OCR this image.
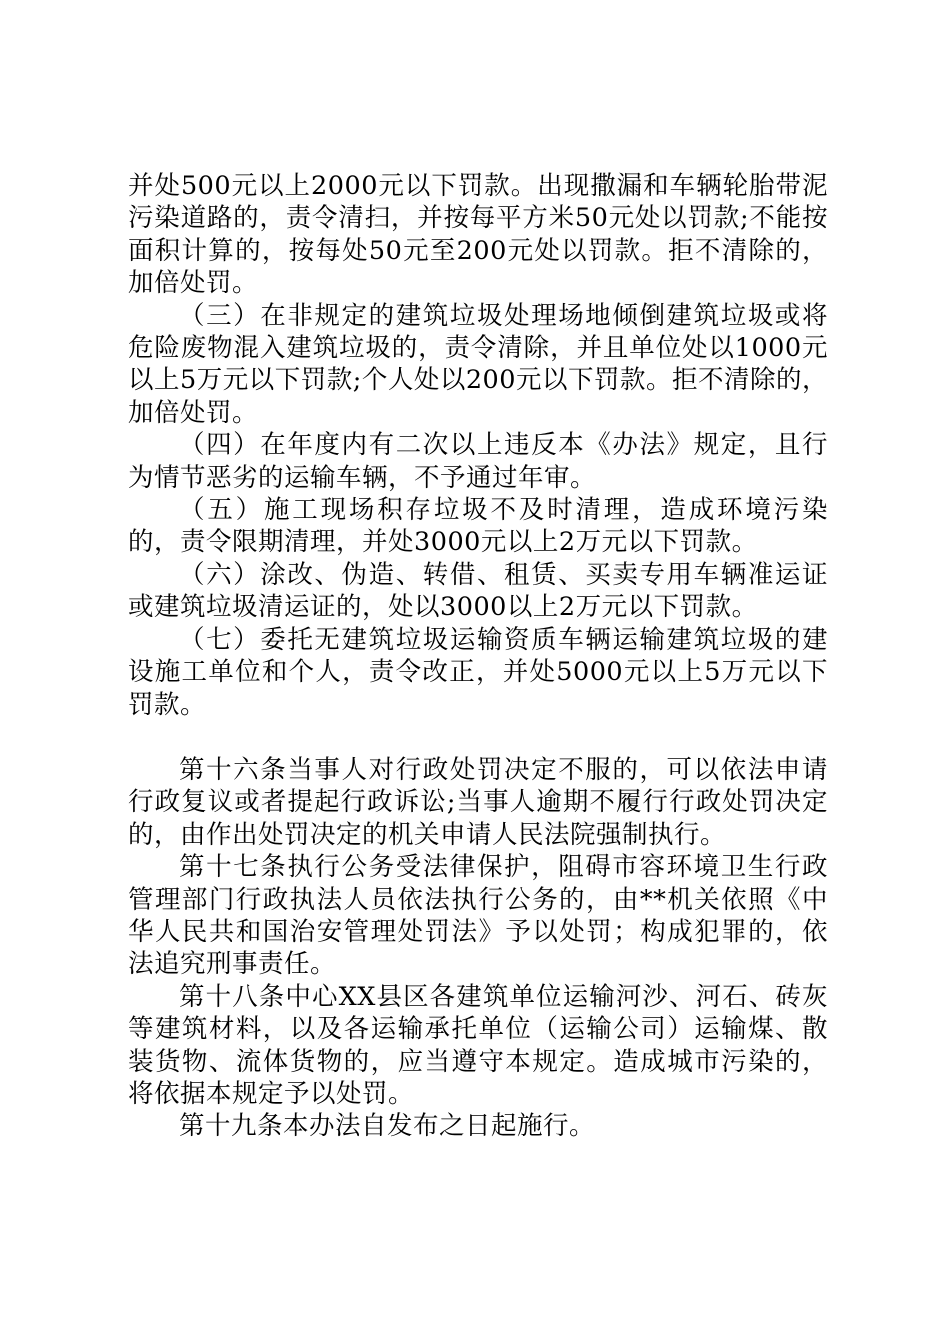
并处500元以上2000元以下罚款。出现撒漏和车辆轮胎带泥污染道路的，责令清扫，并按每平方米50元处以罚款;不能按面积计算的，按每处50元至200元处以罚款。拒不清除的，加倍处罚。

（三）在非规定的建筑垃圾处理场地倾倒建筑垃圾或将危险废物混入建筑垃圾的，责令清除，并且单位处以1000元以上5万元以下罚款;个人处以200元以下罚款。拒不清除的，加倍处罚。

（四）在年度内有二次以上违反本《办法》规定，且行为情节恶劣的运输车辆，不予通过年审。

（五）施工现场积存垃圾不及时清理，造成环境污染的，责令限期清理，并处3000元以上2万元以下罚款。

（六）涂改、伪造、转借、租赁、买卖专用车辆准运证或建筑垃圾清运证的，处以3000以上2万元以下罚款。

（七）委托无建筑垃圾运输资质车辆运输建筑垃圾的建设施工单位和个人，责令改正，并处5000元以上5万元以下罚款。

第十六条当事人对行政处罚决定不服的，可以依法申请行政复议或者提起行政诉讼;当事人逾期不履行行政处罚决定的，由作出处罚决定的机关申请人民法院强制执行。

第十七条执行公务受法律保护，阻碍市容环境卫生行政管理部门行政执法人员依法执行公务的，由**机关依照《中华人民共和国治安管理处罚法》予以处罚；构成犯罪的，依法追究刑事责任。

第十八条中心XX县区各建筑单位运输河沙、河石、砖灰等建筑材料，以及各运输承托单位（运输公司）运输煤、散装货物、流体货物的，应当遵守本规定。造成城市污染的，将依据本规定予以处罚。

第十九条本办法自发布之日起施行。
